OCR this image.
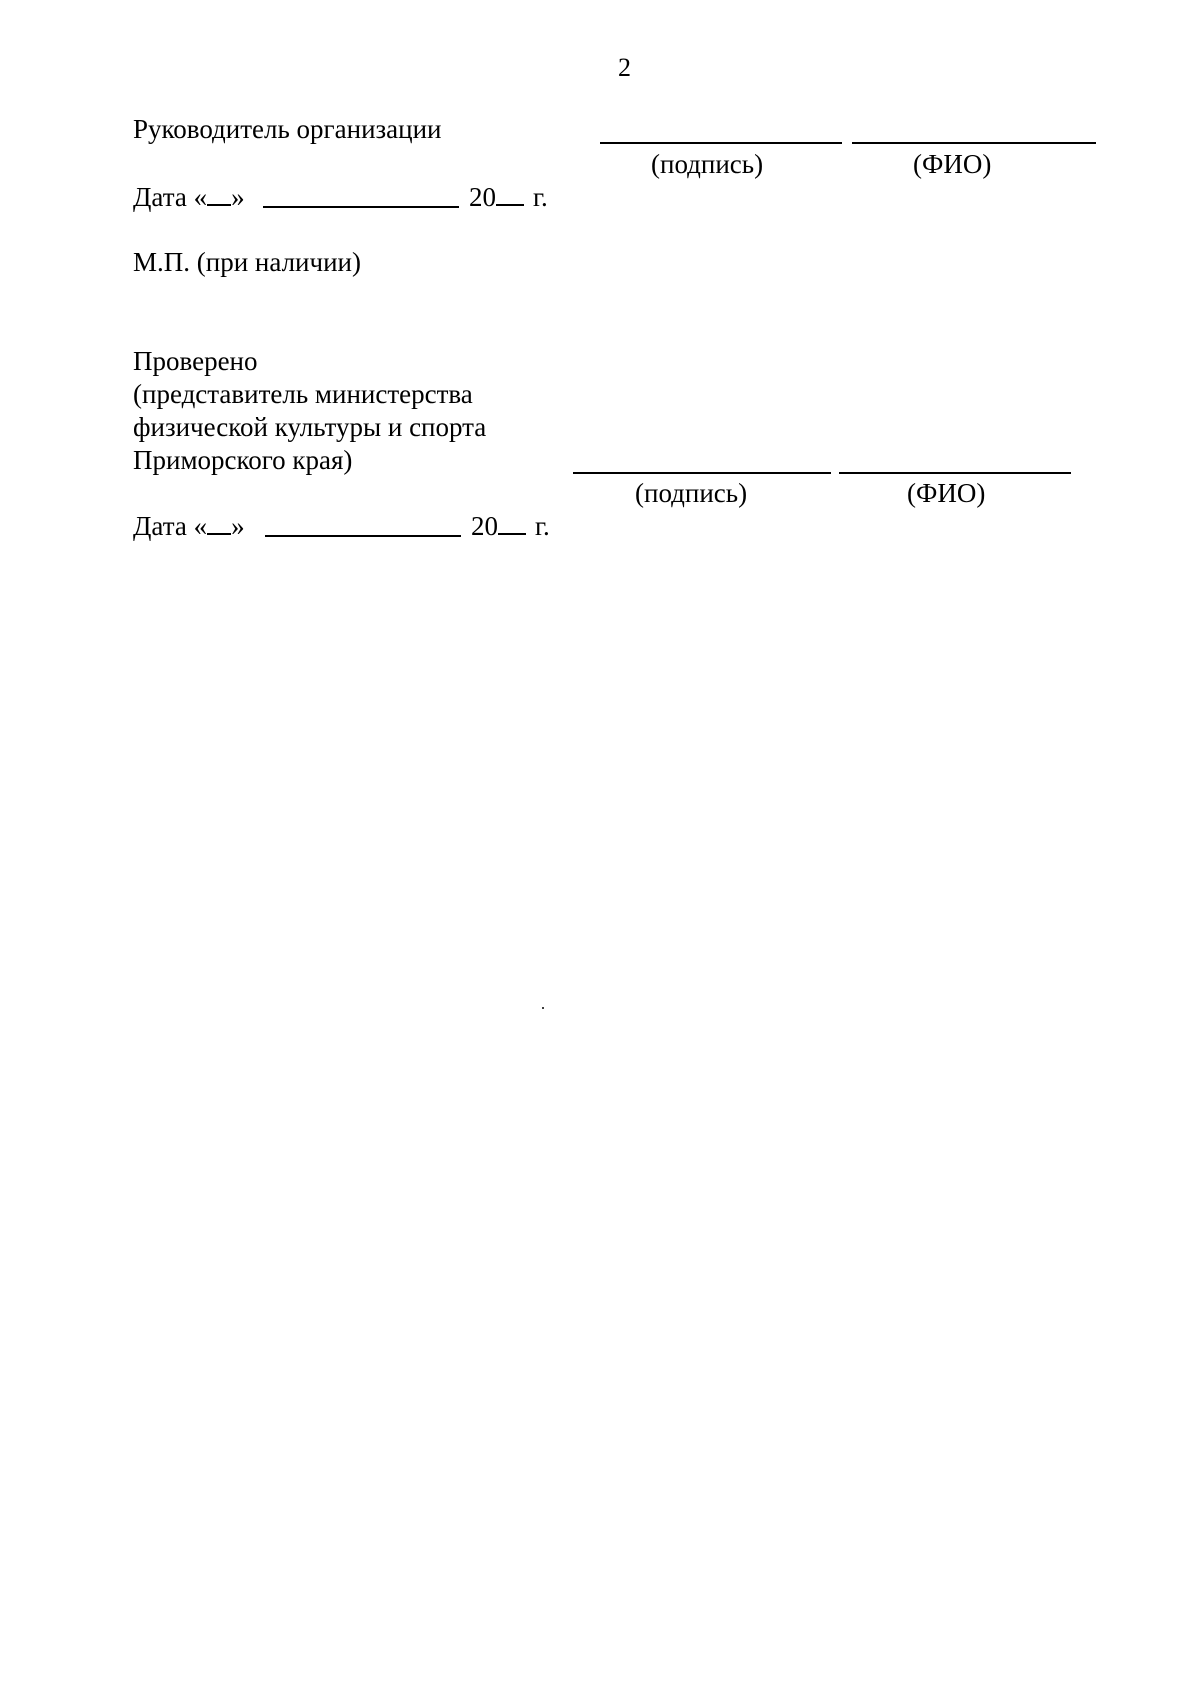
2
Руководитель организации
(подпись)	(ФИО)
Дата « »	20	г.
М.П. (при наличии)
Проверено
(представитель министерства
физической культуры и спорта
Приморского края)
(подпись)	(ФИО)
Дата « »	20	г.
